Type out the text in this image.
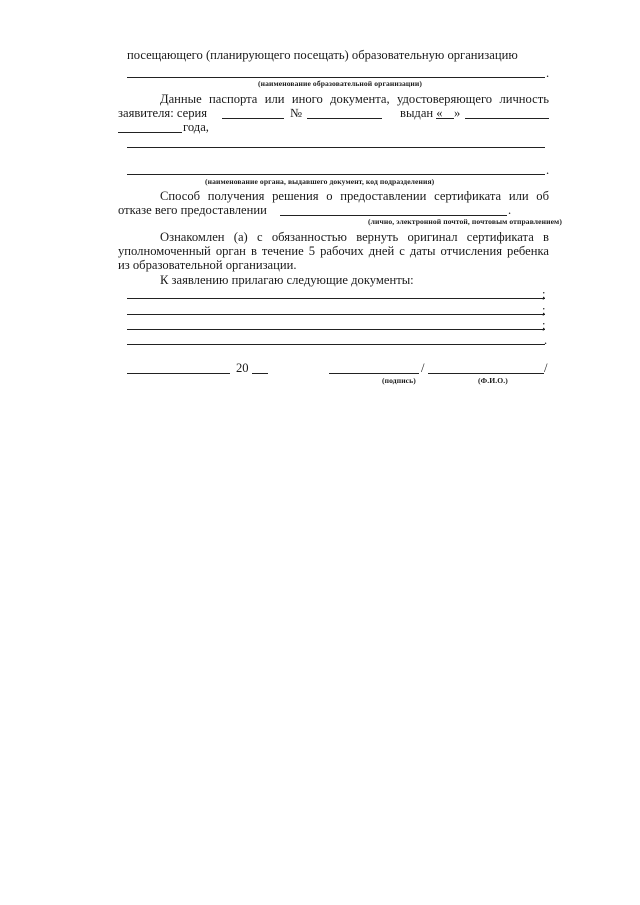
посещающего (планирующего посещать) образовательную организацию
.
(наименование образовательной организации)
Данные паспорта или иного документа, удостоверяющего личность
заявителя: серия	№	выдан « »
года,
.
(наименование органа, выдавшего документ, код подразделения)
Способ получения решения о предоставлении сертификата или об
отказе вего предоставлении	.
(лично, электронной почтой, почтовым отправлением)
Ознакомлен (а) с обязанностью вернуть оригинал сертификата в
уполномоченный орган в течение 5 рабочих дней с даты отчисления ребенка
из образовательной организации.
К заявлению прилагаю следующие документы:
;
;
;
.
20	/	/
(подпись)	(Ф.И.О.)
